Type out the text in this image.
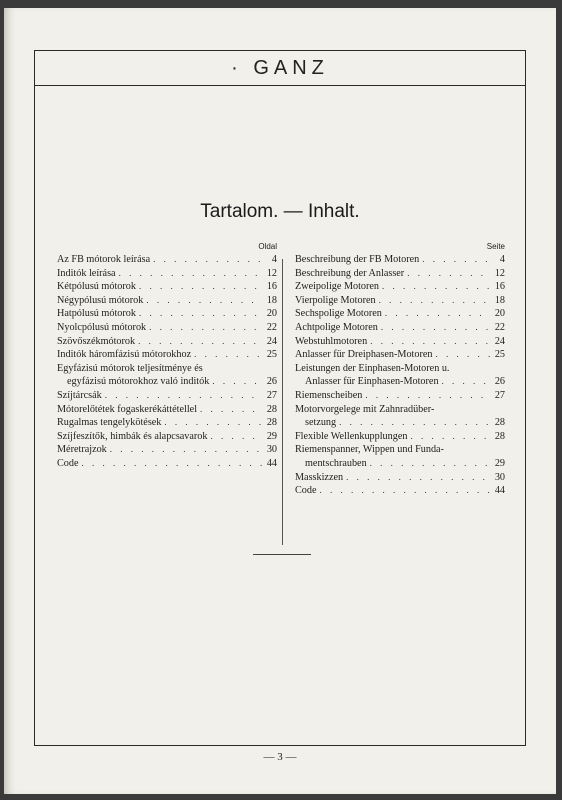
· GANZ
Tartalom. — Inhalt.
Oldal
Az FB mótorok leírása . . .	4
Inditók leírása . . .	12
Kétpólusú mótorok . . .	16
Négypólusú mótorok . . .	18
Hatpólusú mótorok . . .	20
Nyolcpólusú mótorok . . .	22
Szövőszékmótorok . . .	24
Inditók háromfázisú mótorokhoz . . .	25
Egyfázisú mótorok teljesítménye és
egyfázisú mótorokhoz való inditók . . .	26
Szíjtárcsák . . .	27
Mótorelőtétek fogaskerékáttétellel . . .	28
Rugalmas tengelykötések . . .	28
Szíjfeszítők, himbák és alapcsavarok . . .	29
Méretrajzok . . .	30
Code . . .	44
Seite
Beschreibung der FB Motoren . . .	4
Beschreibung der Anlasser . . .	12
Zweipolige Motoren . . .	16
Vierpolige Motoren . . .	18
Sechspolige Motoren . . .	20
Achtpolige Motoren . . .	22
Webstuhlmotoren . . .	24
Anlasser für Dreiphasen-Motoren . . .	25
Leistungen der Einphasen-Motoren u.
Anlasser für Einphasen-Motoren . . .	26
Riemenscheiben . . .	27
Motorvorgelege mit Zahnradüber-
setzung . . .	28
Flexible Wellenkupplungen . . .	28
Riemenspanner, Wippen und Funda-
mentschrauben . . .	29
Masskizzen . . .	30
Code . . .	44
— 3 —
